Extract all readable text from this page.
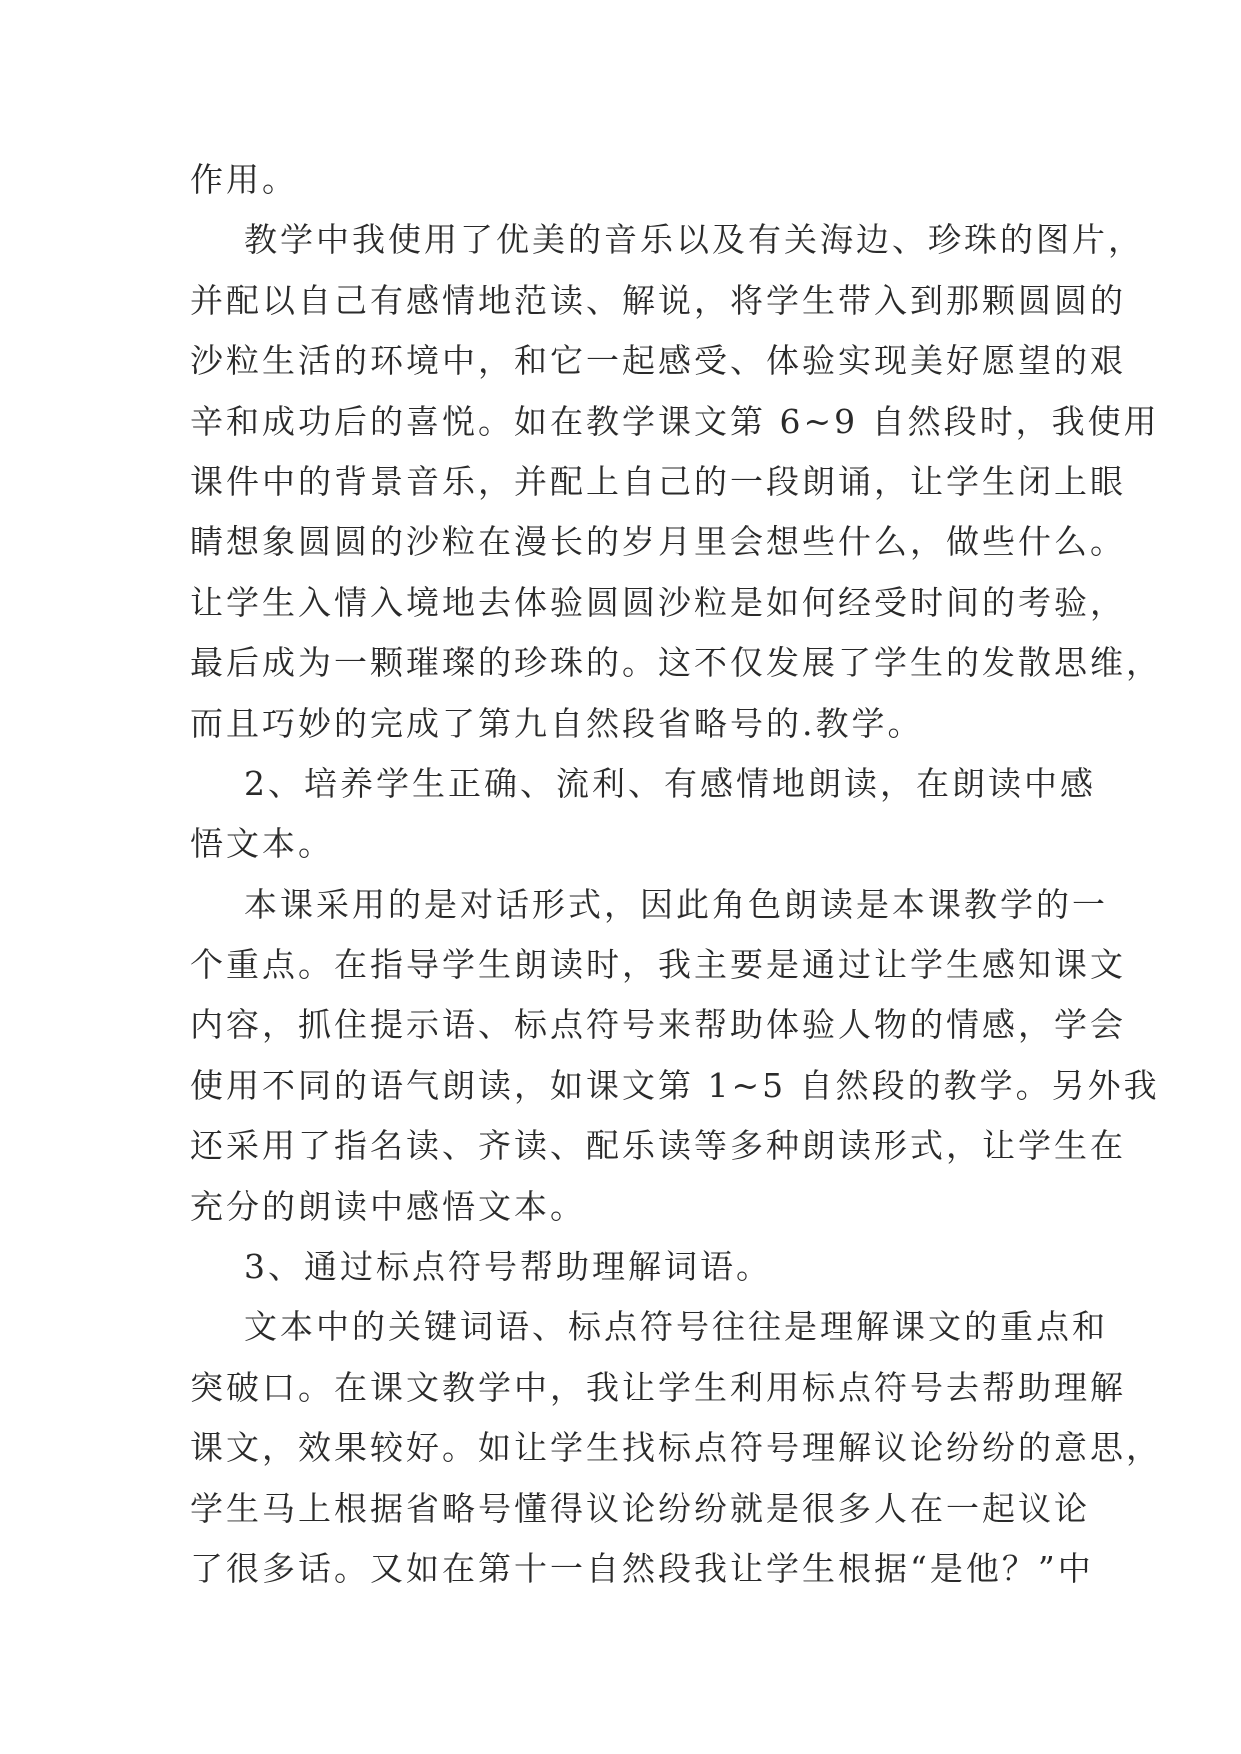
作用。
教学中我使用了优美的音乐以及有关海边、珍珠的图片，
并配以自己有感情地范读、解说，将学生带入到那颗圆圆的
沙粒生活的环境中，和它一起感受、体验实现美好愿望的艰
辛和成功后的喜悦。如在教学课文第 6~9 自然段时，我使用
课件中的背景音乐，并配上自己的一段朗诵，让学生闭上眼
睛想象圆圆的沙粒在漫长的岁月里会想些什么，做些什么。
让学生入情入境地去体验圆圆沙粒是如何经受时间的考验，
最后成为一颗璀璨的珍珠的。这不仅发展了学生的发散思维，
而且巧妙的完成了第九自然段省略号的.教学。
2、培养学生正确、流利、有感情地朗读，在朗读中感
悟文本。
本课采用的是对话形式，因此角色朗读是本课教学的一
个重点。在指导学生朗读时，我主要是通过让学生感知课文
内容，抓住提示语、标点符号来帮助体验人物的情感，学会
使用不同的语气朗读，如课文第 1~5 自然段的教学。另外我
还采用了指名读、齐读、配乐读等多种朗读形式，让学生在
充分的朗读中感悟文本。
3、通过标点符号帮助理解词语。
文本中的关键词语、标点符号往往是理解课文的重点和
突破口。在课文教学中，我让学生利用标点符号去帮助理解
课文，效果较好。如让学生找标点符号理解议论纷纷的意思，
学生马上根据省略号懂得议论纷纷就是很多人在一起议论
了很多话。又如在第十一自然段我让学生根据“是他？”中
